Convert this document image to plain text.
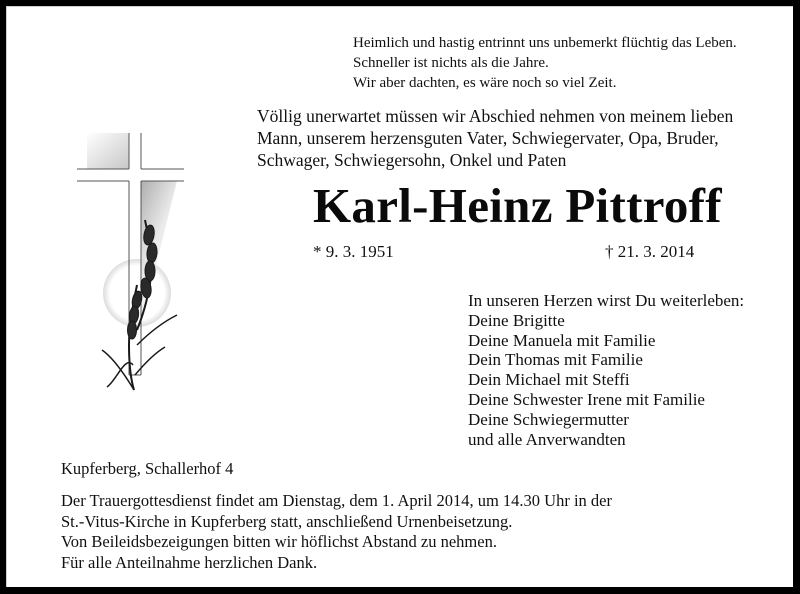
Heimlich und hastig entrinnt uns unbemerkt flüchtig das Leben.
Schneller ist nichts als die Jahre.
Wir aber dachten, es wäre noch so viel Zeit.
Völlig unerwartet müssen wir Abschied nehmen von meinem lieben
Mann, unserem herzensguten Vater, Schwiegervater, Opa, Bruder,
Schwager, Schwiegersohn, Onkel und Paten
Karl-Heinz Pittroff
* 9. 3. 1951	† 21. 3. 2014
In unseren Herzen wirst Du weiterleben:
Deine Brigitte
Deine Manuela mit Familie
Dein Thomas mit Familie
Dein Michael mit Steffi
Deine Schwester Irene mit Familie
Deine Schwiegermutter
und alle Anverwandten
Kupferberg, Schallerhof 4
Der Trauergottesdienst findet am Dienstag, dem 1. April 2014, um 14.30 Uhr in der
St.-Vitus-Kirche in Kupferberg statt, anschließend Urnenbeisetzung.
Von Beileidsbezeigungen bitten wir höflichst Abstand zu nehmen.
Für alle Anteilnahme herzlichen Dank.
